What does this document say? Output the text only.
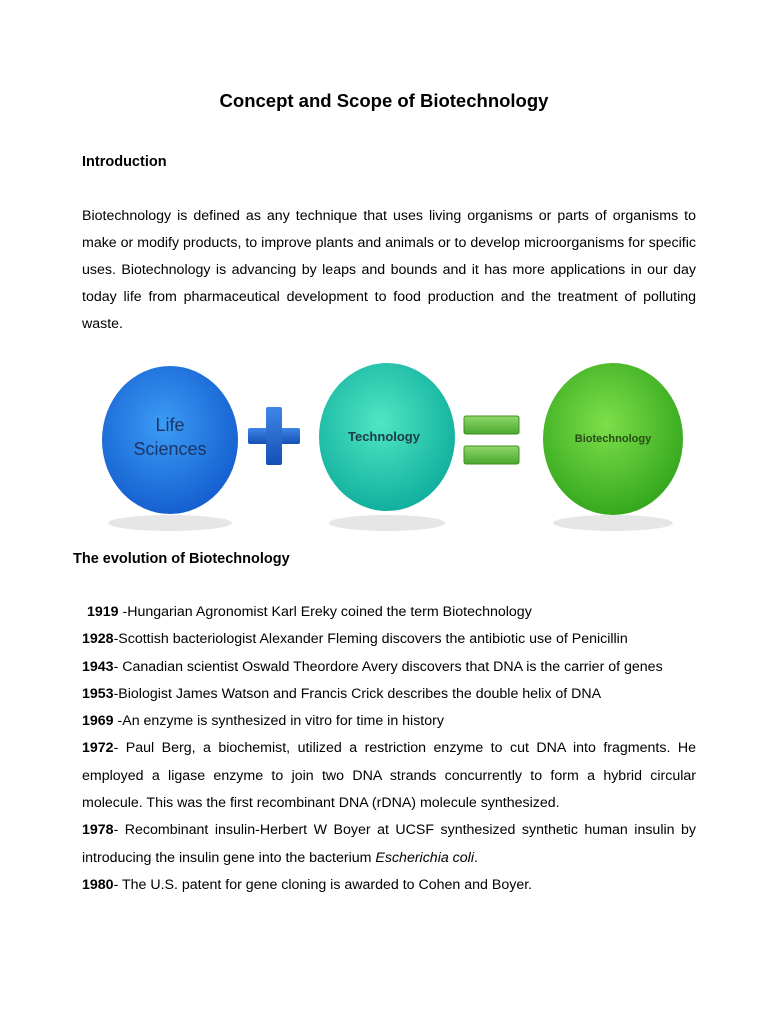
Concept and Scope of Biotechnology
Introduction
Biotechnology is defined as any technique that uses living organisms or parts of organisms to make or modify products, to improve plants and animals or to develop microorganisms for specific uses. Biotechnology is advancing by leaps and bounds and it has more applications in our day today life from pharmaceutical development to food production and the treatment of polluting waste.
Life
Sciences
Technology	Biotechnology
The evolution of Biotechnology

1919 -Hungarian Agronomist Karl Ereky coined the term Biotechnology

1928-Scottish bacteriologist Alexander Fleming discovers the antibiotic use of Penicillin

1943- Canadian scientist Oswald Theordore Avery discovers that DNA is the carrier of genes

1953-Biologist James Watson and Francis Crick describes the double helix of DNA

1969 -An enzyme is synthesized in vitro for time in history

1972- Paul Berg, a biochemist, utilized a restriction enzyme to cut DNA into fragments. He employed a ligase enzyme to join two DNA strands concurrently to form a hybrid circular molecule. This was the first recombinant DNA (rDNA) molecule synthesized.

1978- Recombinant insulin-Herbert W Boyer at UCSF synthesized synthetic human insulin by introducing the insulin gene into the bacterium Escherichia coli.

1980- The U.S. patent for gene cloning is awarded to Cohen and Boyer.
